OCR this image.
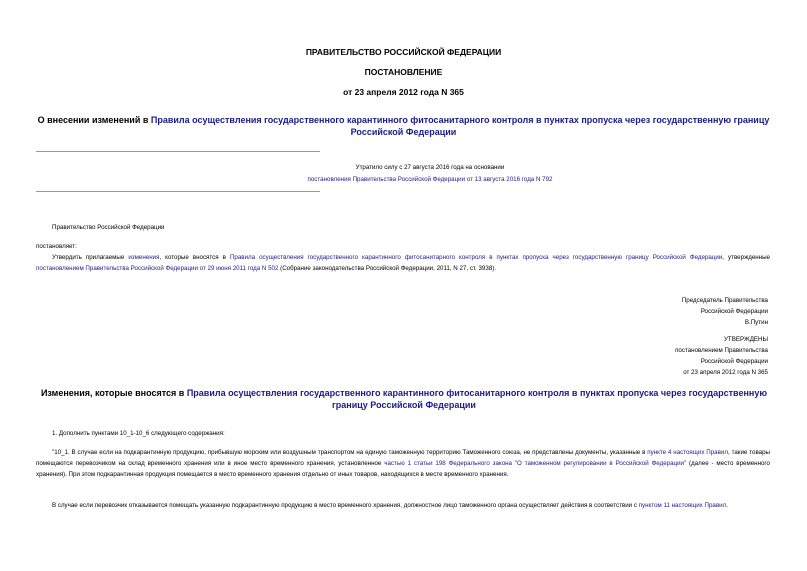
ПРАВИТЕЛЬСТВО РОССИЙСКОЙ ФЕДЕРАЦИИ
ПОСТАНОВЛЕНИЕ
от 23 апреля 2012 года N 365
О внесении изменений в Правила осуществления государственного карантинного фитосанитарного контроля в пунктах пропуска через государственную границу Российской Федерации
Утратило силу с 27 августа 2016 года на основании
постановления Правительства Российской Федерации от 13 августа 2016 года N 792
Правительство Российской Федерации
постановляет:
Утвердить прилагаемые изменения, которые вносятся в Правила осуществления государственного карантинного фитосанитарного контроля в пунктах пропуска через государственную границу Российской Федерации, утвержденные постановлением Правительства Российской Федерации от 29 июня 2011 года N 502 (Собрание законодательства Российской Федерации, 2011, N 27, ст. 3938).
Председатель Правительства
Российской Федерации
В.Путин
УТВЕРЖДЕНЫ
постановлением Правительства
Российской Федерации
от 23 апреля 2012 года N 365
Изменения, которые вносятся в Правила осуществления государственного карантинного фитосанитарного контроля в пунктах пропуска через государственную границу Российской Федерации
1. Дополнить пунктами 10_1-10_6 следующего содержания:
"10_1. В случае если на подкарантинную продукцию, прибывшую морским или воздушным транспортом на единую таможенную территорию Таможенного союза, не представлены документы, указанные в пункте 4 настоящих Правил, такие товары помещаются перевозчиком на склад временного хранения или в иное место временного хранения, установленное частью 1 статьи 198 Федерального закона "О таможенном регулировании в Российской Федерации" (далее - место временного хранения). При этом подкарантинная продукция помещается в место временного хранения отдельно от иных товаров, находящихся в месте временного хранения.
В случае если перевозчик отказывается помещать указанную подкарантинную продукцию в место временного хранения, должностное лицо таможенного органа осуществляет действия в соответствии с пунктом 11 настоящих Правил.
